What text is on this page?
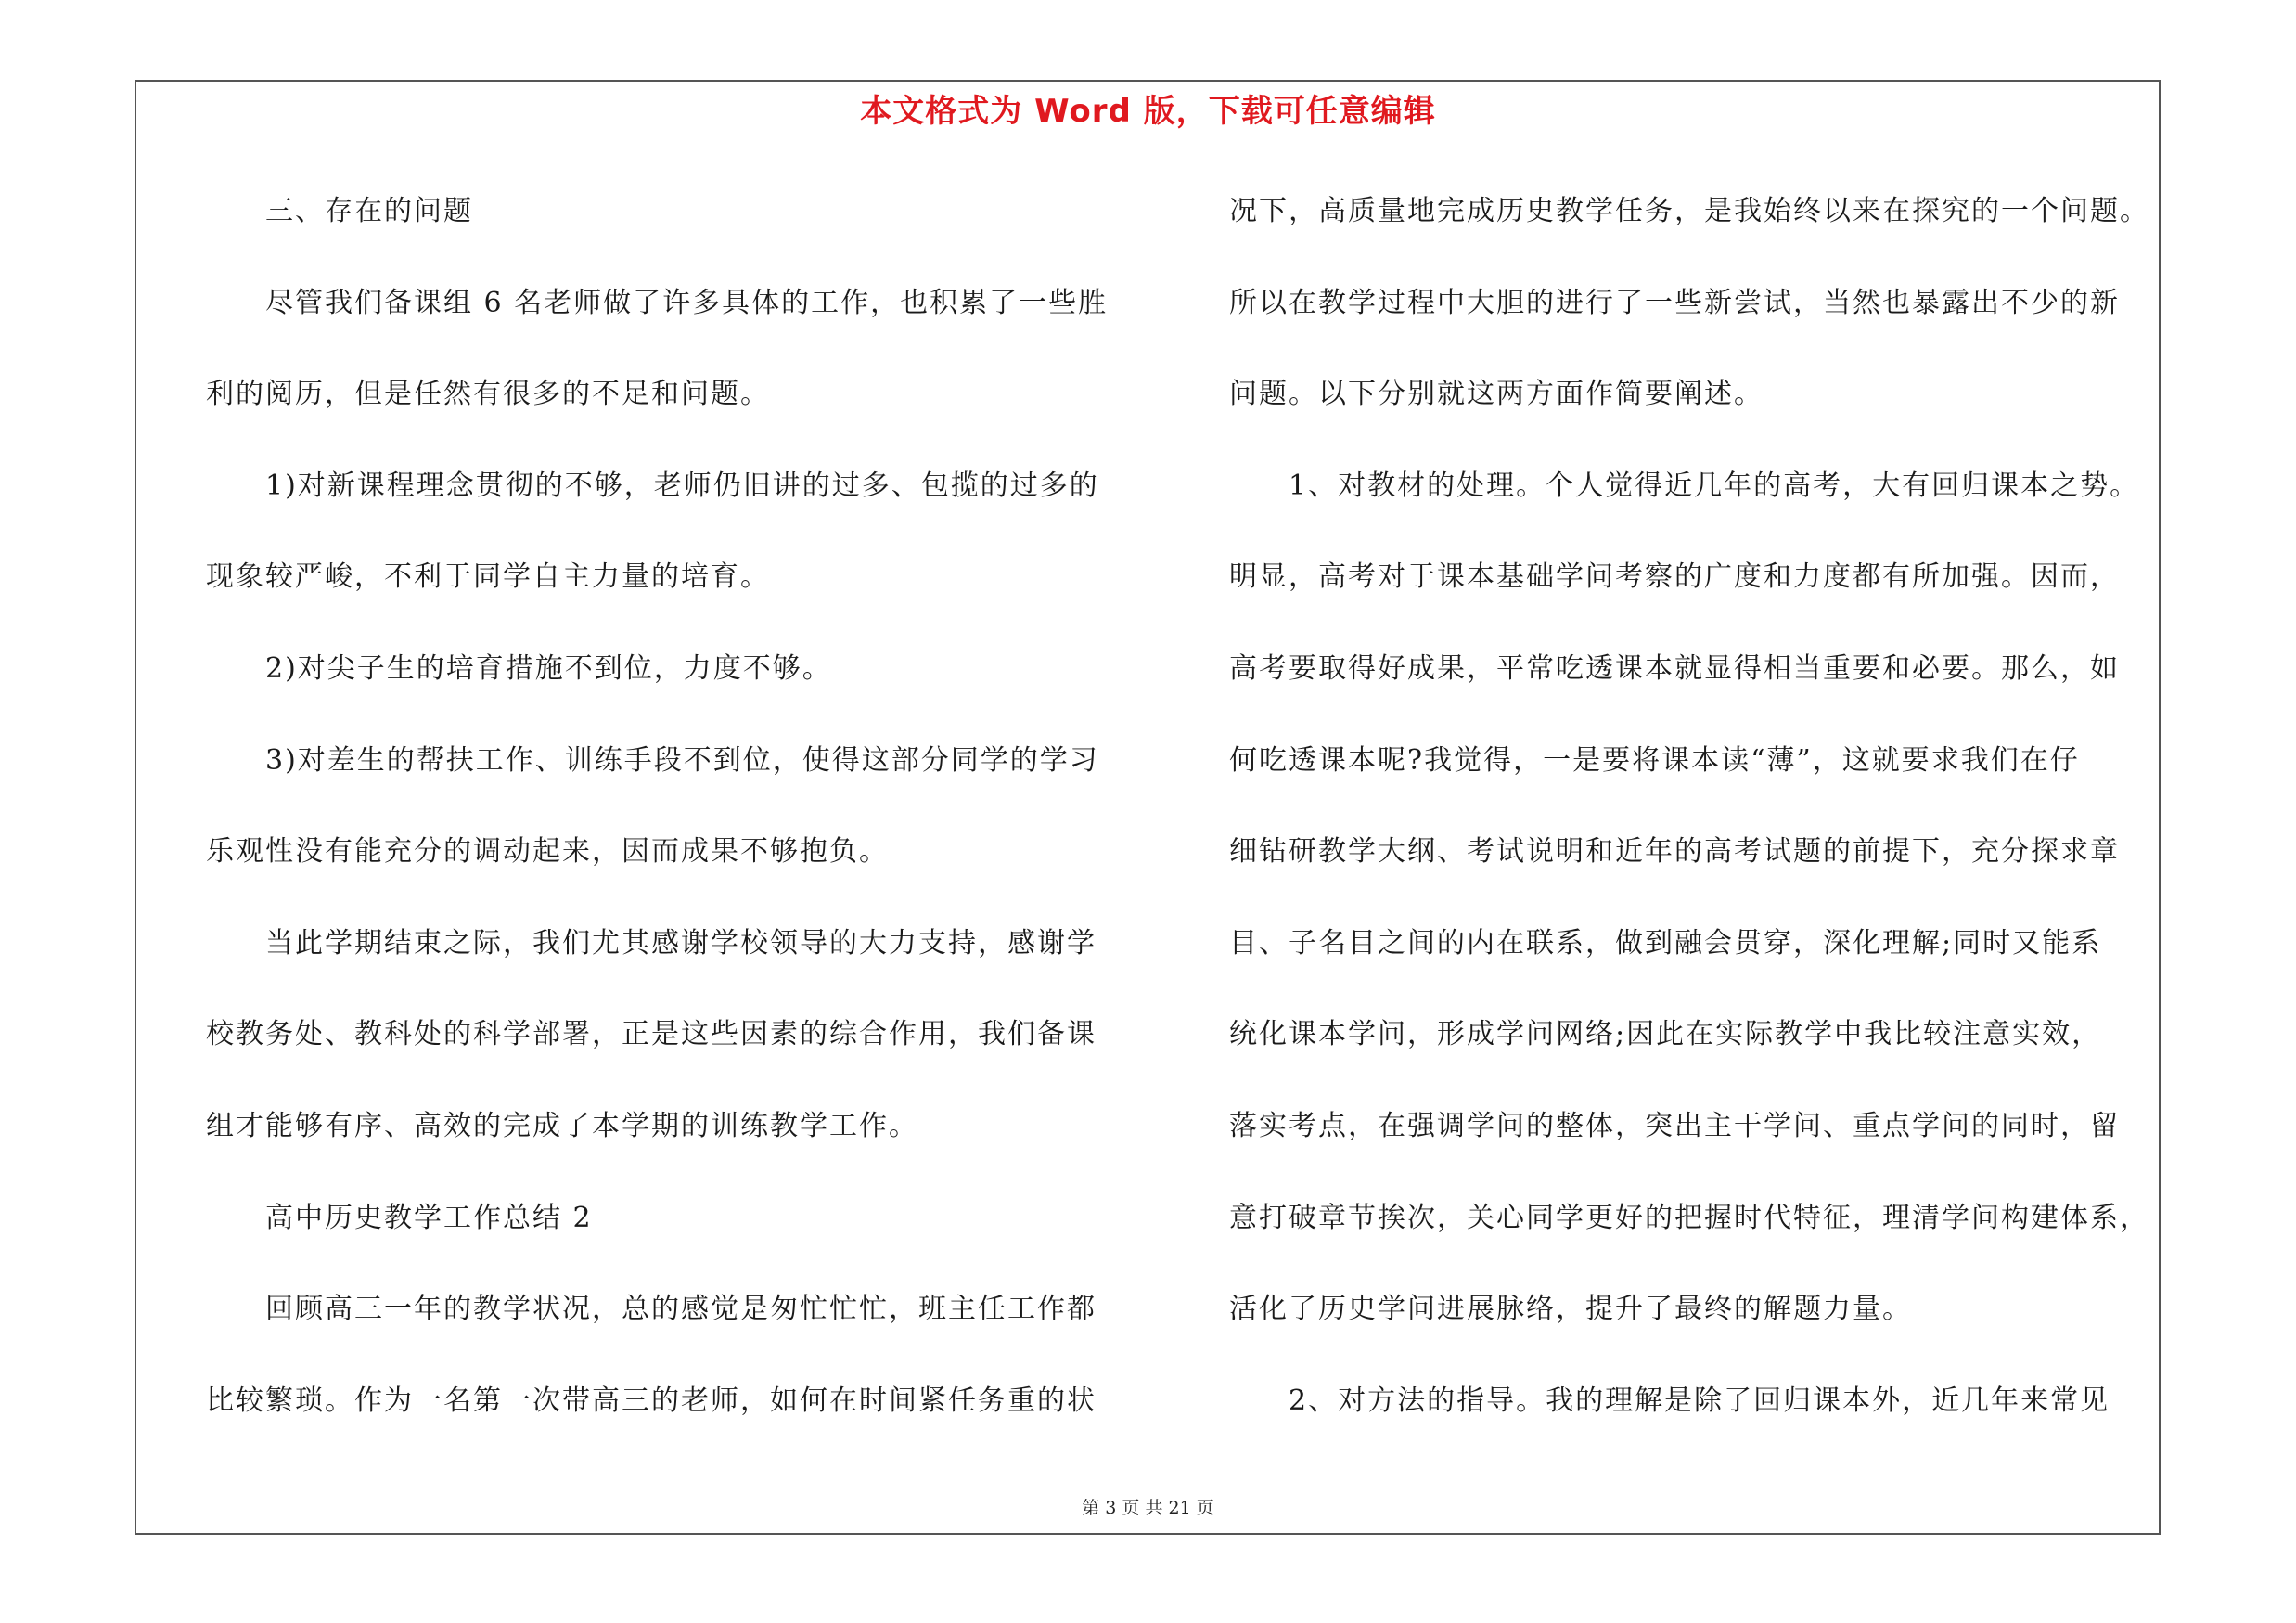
本文格式为 Word 版，下载可任意编辑
三、存在的问题
尽管我们备课组 6 名老师做了许多具体的工作，也积累了一些胜
利的阅历，但是任然有很多的不足和问题。
1)对新课程理念贯彻的不够，老师仍旧讲的过多、包揽的过多的
现象较严峻，不利于同学自主力量的培育。
2)对尖子生的培育措施不到位，力度不够。
3)对差生的帮扶工作、训练手段不到位，使得这部分同学的学习
乐观性没有能充分的调动起来，因而成果不够抱负。
当此学期结束之际，我们尤其感谢学校领导的大力支持，感谢学
校教务处、教科处的科学部署，正是这些因素的综合作用，我们备课
组才能够有序、高效的完成了本学期的训练教学工作。
高中历史教学工作总结 2
回顾高三一年的教学状况，总的感觉是匆忙忙忙，班主任工作都
比较繁琐。作为一名第一次带高三的老师，如何在时间紧任务重的状
况下，高质量地完成历史教学任务，是我始终以来在探究的一个问题。
所以在教学过程中大胆的进行了一些新尝试，当然也暴露出不少的新
问题。以下分别就这两方面作简要阐述。
1、对教材的处理。个人觉得近几年的高考，大有回归课本之势。
明显，高考对于课本基础学问考察的广度和力度都有所加强。因而，
高考要取得好成果，平常吃透课本就显得相当重要和必要。那么，如
何吃透课本呢?我觉得，一是要将课本读“薄”，这就要求我们在仔
细钻研教学大纲、考试说明和近年的高考试题的前提下，充分探求章
目、子名目之间的内在联系，做到融会贯穿，深化理解;同时又能系
统化课本学问，形成学问网络;因此在实际教学中我比较注意实效，
落实考点，在强调学问的整体，突出主干学问、重点学问的同时，留
意打破章节挨次，关心同学更好的把握时代特征，理清学问构建体系，
活化了历史学问进展脉络，提升了最终的解题力量。
2、对方法的指导。我的理解是除了回归课本外，近几年来常见
第 3 页 共 21 页
